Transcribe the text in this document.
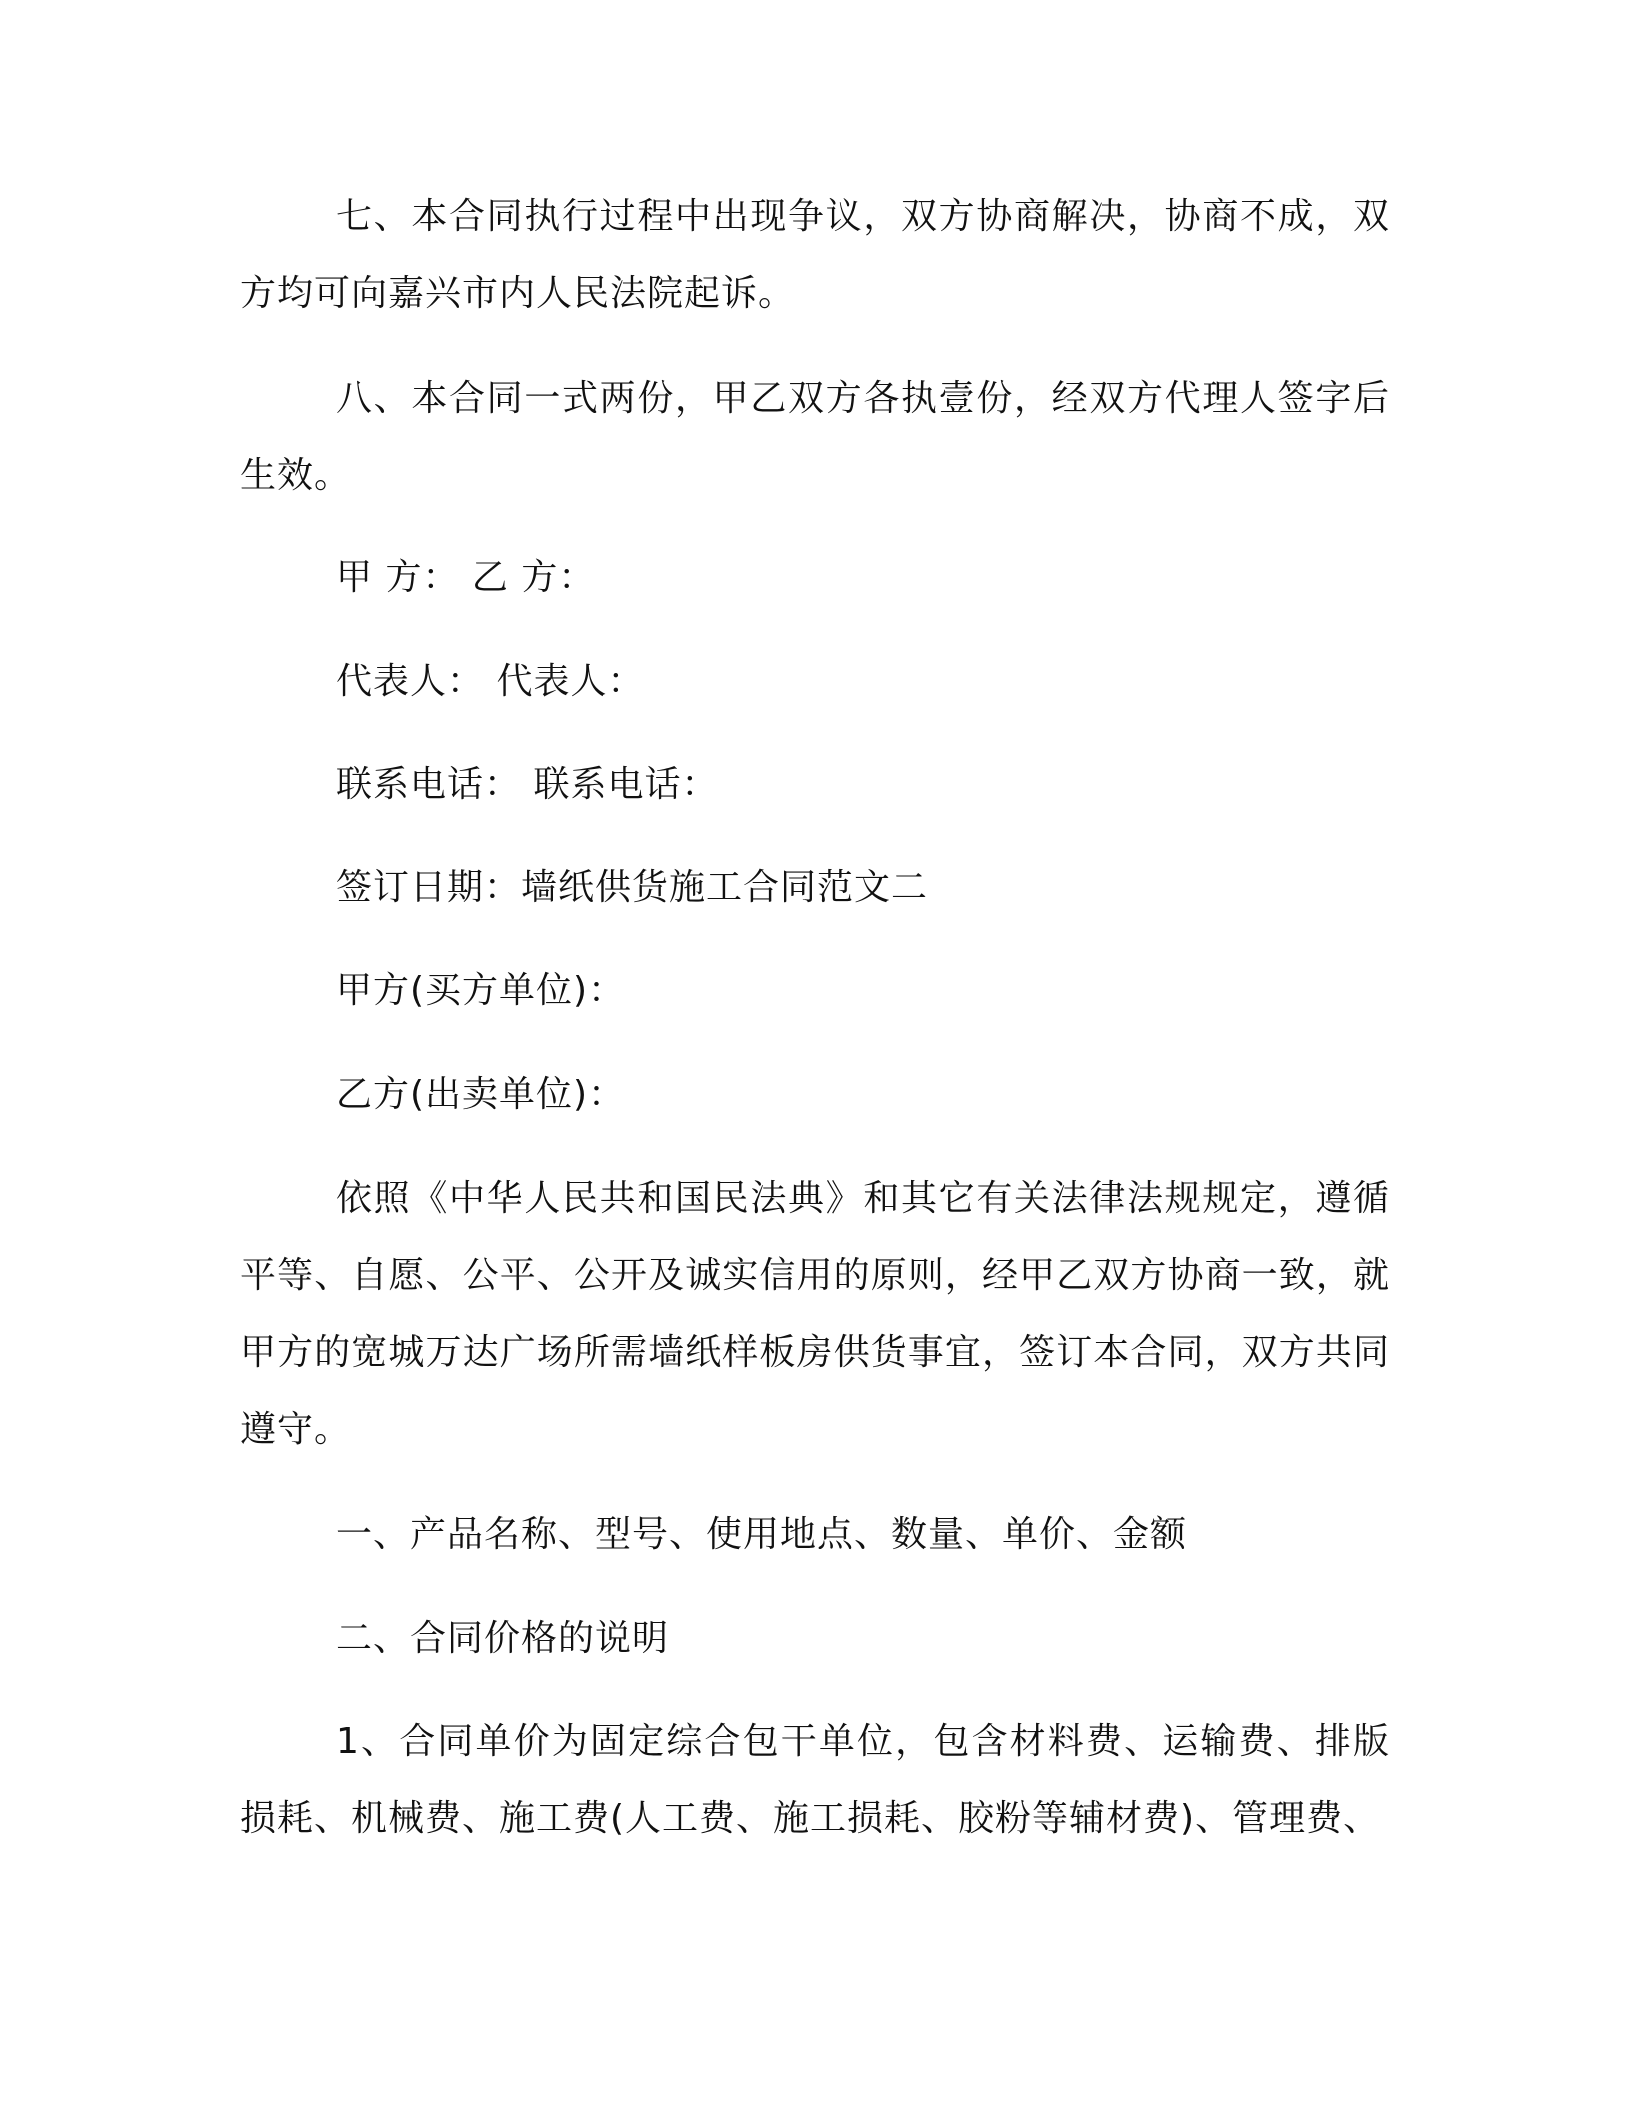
七、本合同执行过程中出现争议，双方协商解决，协商不成，双方均可向嘉兴市内人民法院起诉。

八、本合同一式两份，甲乙双方各执壹份，经双方代理人签字后生效。

甲 方： 乙 方：

代表人： 代表人：

联系电话： 联系电话：

签订日期：墙纸供货施工合同范文二

甲方(买方单位)：

乙方(出卖单位)：

依照《中华人民共和国民法典》和其它有关法律法规规定，遵循平等、自愿、公平、公开及诚实信用的原则，经甲乙双方协商一致，就甲方的宽城万达广场所需墙纸样板房供货事宜，签订本合同，双方共同遵守。

一、产品名称、型号、使用地点、数量、单价、金额

二、合同价格的说明

1、合同单价为固定综合包干单位，包含材料费、运输费、排版损耗、机械费、施工费(人工费、施工损耗、胶粉等辅材费)、管理费、
